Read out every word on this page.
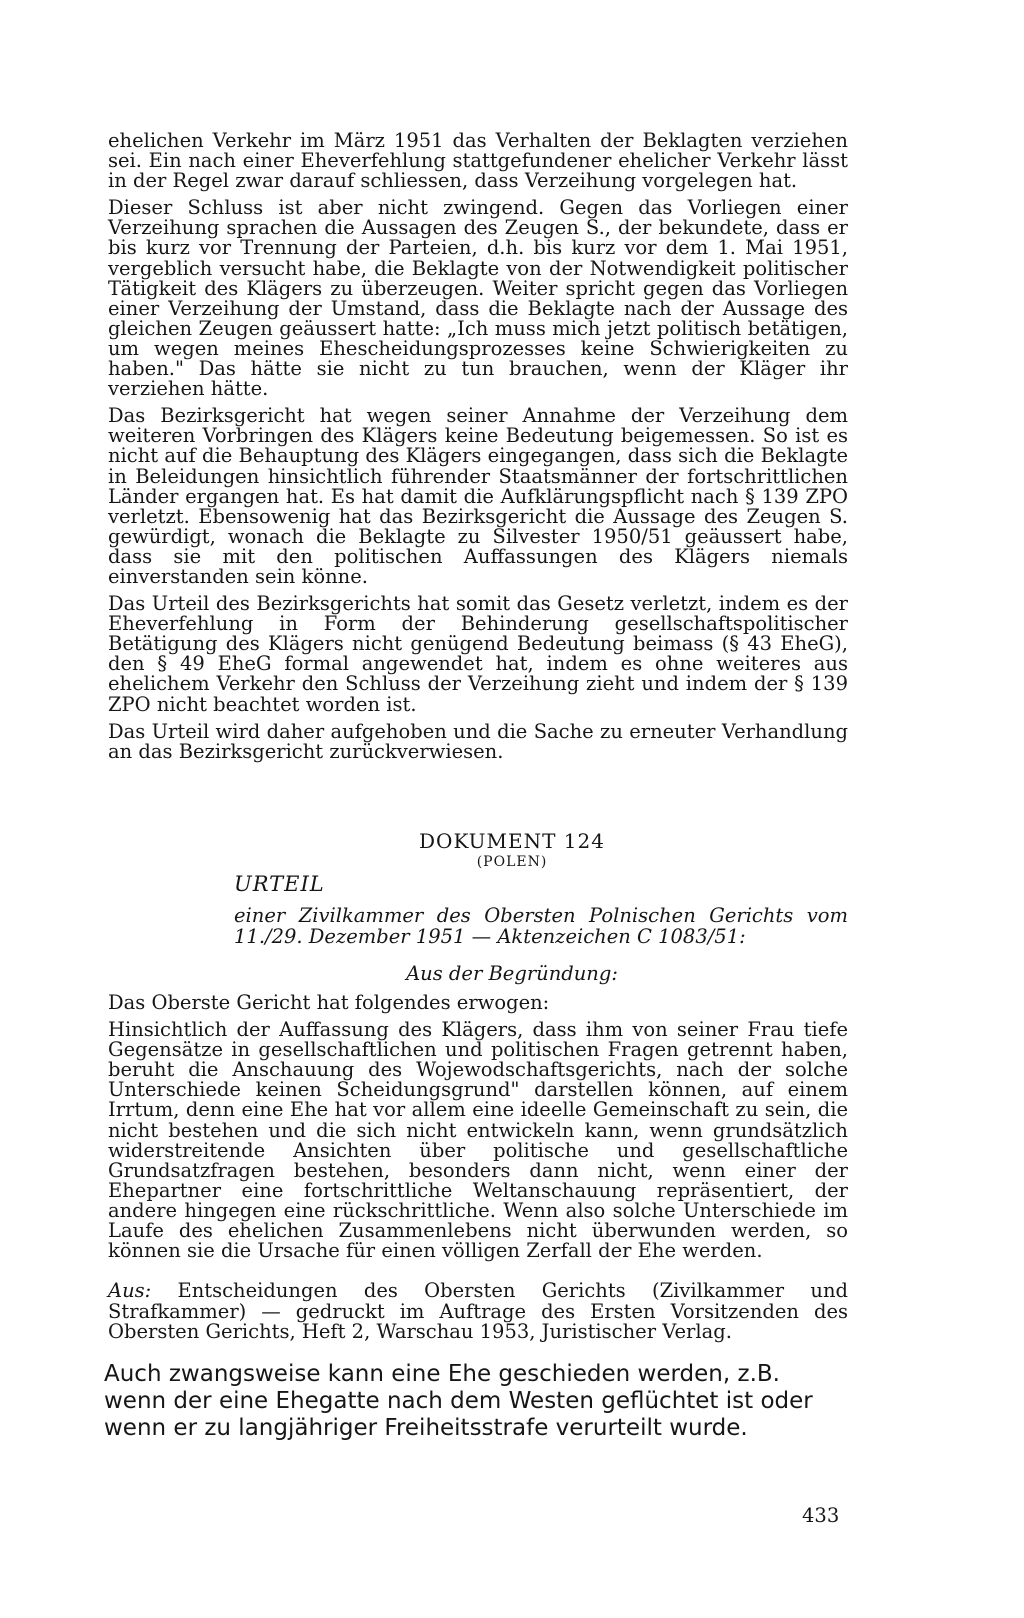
ehelichen Verkehr im März 1951 das Verhalten der Beklagten verziehen sei. Ein nach einer Eheverfehlung stattgefundener ehelicher Verkehr lässt in der Regel zwar darauf schliessen, dass Verzeihung vorgelegen hat.

Dieser Schluss ist aber nicht zwingend. Gegen das Vorliegen einer Verzeihung sprachen die Aussagen des Zeugen S., der bekundete, dass er bis kurz vor Trennung der Parteien, d.h. bis kurz vor dem 1. Mai 1951, vergeblich versucht habe, die Beklagte von der Notwendigkeit politischer Tätigkeit des Klägers zu überzeugen. Weiter spricht gegen das Vorliegen einer Verzeihung der Umstand, dass die Beklagte nach der Aussage des gleichen Zeugen geäussert hatte: „Ich muss mich jetzt politisch betätigen, um wegen meines Ehescheidungsprozesses keine Schwierigkeiten zu haben." Das hätte sie nicht zu tun brauchen, wenn der Kläger ihr verziehen hätte.

Das Bezirksgericht hat wegen seiner Annahme der Verzeihung dem weiteren Vorbringen des Klägers keine Bedeutung beigemessen. So ist es nicht auf die Behauptung des Klägers eingegangen, dass sich die Beklagte in Beleidungen hinsichtlich führender Staatsmänner der fortschrittlichen Länder ergangen hat. Es hat damit die Aufklärungspflicht nach § 139 ZPO verletzt. Ebensowenig hat das Bezirksgericht die Aussage des Zeugen S. gewürdigt, wonach die Beklagte zu Silvester 1950/51 geäussert habe, dass sie mit den politischen Auffassungen des Klägers niemals einverstanden sein könne.

Das Urteil des Bezirksgerichts hat somit das Gesetz verletzt, indem es der Eheverfehlung in Form der Behinderung gesellschaftspolitischer Betätigung des Klägers nicht genügend Bedeutung beimass (§ 43 EheG), den § 49 EheG formal angewendet hat, indem es ohne weiteres aus ehelichem Verkehr den Schluss der Verzeihung zieht und indem der § 139 ZPO nicht beachtet worden ist.

Das Urteil wird daher aufgehoben und die Sache zu erneuter Verhandlung an das Bezirksgericht zurückverwiesen.

DOKUMENT 124
(POLEN)
URTEIL
einer Zivilkammer des Obersten Polnischen Gerichts vom 11./29. Dezember 1951 — Aktenzeichen C 1083/51:
Aus der Begründung:

Das Oberste Gericht hat folgendes erwogen:

Hinsichtlich der Auffassung des Klägers, dass ihm von seiner Frau tiefe Gegensätze in gesellschaftlichen und politischen Fragen getrennt haben, beruht die Anschauung des Wojewodschaftsgerichts, nach der solche Unterschiede keinen Scheidungsgrund" darstellen können, auf einem Irrtum, denn eine Ehe hat vor allem eine ideelle Gemeinschaft zu sein, die nicht bestehen und die sich nicht entwickeln kann, wenn grundsätzlich widerstreitende Ansichten über politische und gesellschaftliche Grundsatzfragen bestehen, besonders dann nicht, wenn einer der Ehepartner eine fortschrittliche Weltanschauung repräsentiert, der andere hingegen eine rückschrittliche. Wenn also solche Unterschiede im Laufe des ehelichen Zusammenlebens nicht überwunden werden, so können sie die Ursache für einen völligen Zerfall der Ehe werden.

Aus: Entscheidungen des Obersten Gerichts (Zivilkammer und Strafkammer) — gedruckt im Auftrage des Ersten Vorsitzenden des Obersten Gerichts, Heft 2, Warschau 1953, Juristischer Verlag.
Auch zwangsweise kann eine Ehe geschieden werden, z.B. wenn der eine Ehegatte nach dem Westen geflüchtet ist oder wenn er zu langjähriger Freiheitsstrafe verurteilt wurde.
433
